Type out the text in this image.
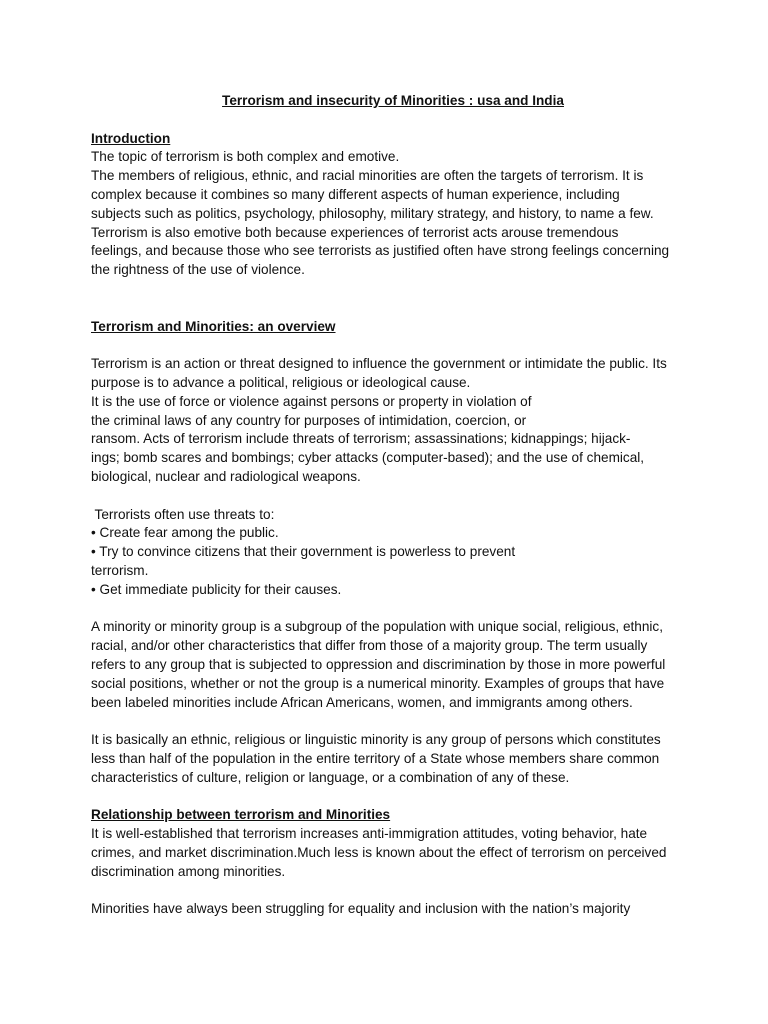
Terrorism and insecurity of Minorities : usa and India

Introduction

The topic of terrorism is both complex and emotive.

The members of religious, ethnic, and racial minorities are often the targets of terrorism. It is

complex because it combines so many different aspects of human experience, including

subjects such as politics, psychology, philosophy, military strategy, and history, to name a few.

Terrorism is also emotive both because experiences of terrorist acts arouse tremendous

feelings, and because those who see terrorists as justified often have strong feelings concerning

the rightness of the use of violence.

Terrorism and Minorities: an overview

Terrorism is an action or threat designed to influence the government or intimidate the public. Its

purpose is to advance a political, religious or ideological cause.

It is the use of force or violence against persons or property in violation of

the criminal laws of any country for purposes of intimidation, coercion, or

ransom. Acts of terrorism include threats of terrorism; assassinations; kidnappings; hijack-

ings; bomb scares and bombings; cyber attacks (computer-based); and the use of chemical,

biological, nuclear and radiological weapons.

Terrorists often use threats to:

• Create fear among the public.

• Try to convince citizens that their government is powerless to prevent

terrorism.

• Get immediate publicity for their causes.

A minority or minority group is a subgroup of the population with unique social, religious, ethnic,

racial, and/or other characteristics that differ from those of a majority group. The term usually

refers to any group that is subjected to oppression and discrimination by those in more powerful

social positions, whether or not the group is a numerical minority. Examples of groups that have

been labeled minorities include African Americans, women, and immigrants among others.

It is basically an ethnic, religious or linguistic minority is any group of persons which constitutes

less than half of the population in the entire territory of a State whose members share common

characteristics of culture, religion or language, or a combination of any of these.

Relationship between terrorism and Minorities

It is well-established that terrorism increases anti-immigration attitudes, voting behavior, hate

crimes, and market discrimination.Much less is known about the effect of terrorism on perceived

discrimination among minorities.

Minorities have always been struggling for equality and inclusion with the nation’s majority
